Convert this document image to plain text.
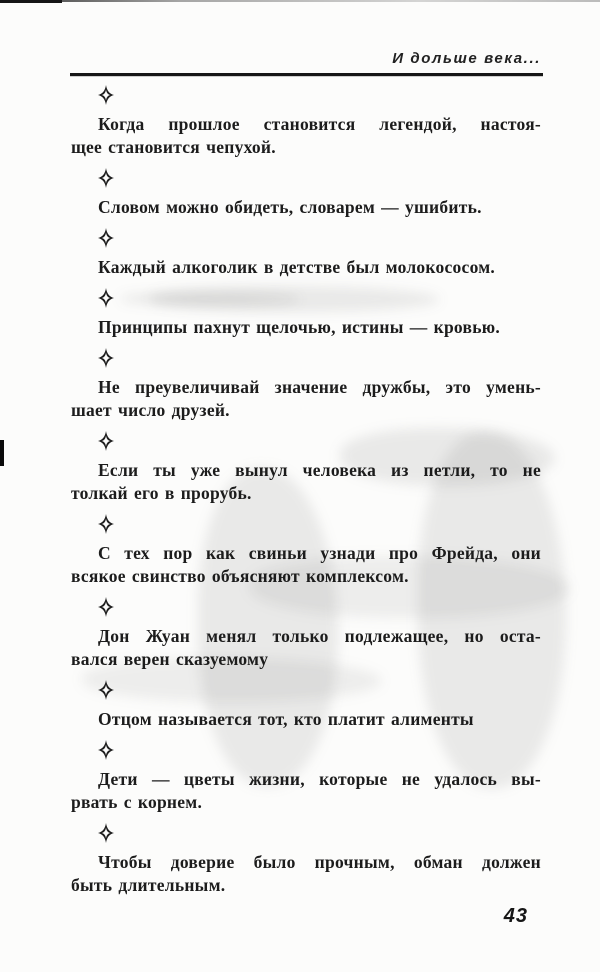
И дольше века...
Когда прошлое становится легендой, настоя-
щее становится чепухой.
Словом можно обидеть, словарем — ушибить.
Каждый алкоголик в детстве был молокососом.
Принципы пахнут щелочью, истины — кровью.
Не преувеличивай значение дружбы, это умень-
шает число друзей.
Если ты уже вынул человека из петли, то не
толкай его в прорубь.
С тех пор как свиньи узнади про Фрейда, они
всякое свинство объясняют комплексом.
Дон Жуан менял только подлежащее, но оста-
вался верен сказуемому
Отцом называется тот, кто платит алименты
Дети — цветы жизни, которые не удалось вы-
рвать с корнем.
Чтобы доверие было прочным, обман должен
быть длительным.
43
